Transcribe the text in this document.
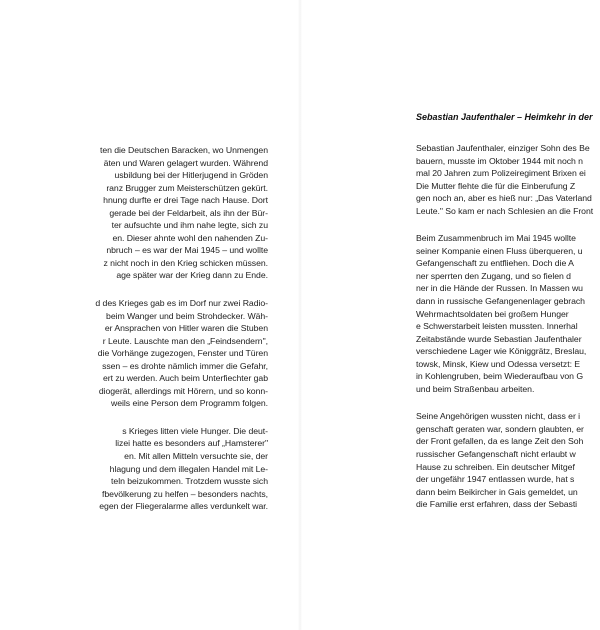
ten die Deutschen Baracken, wo Unmengen
äten und Waren gelagert wurden. Während
usbildung bei der Hitlerjugend in Gröden
ranz Brugger zum Meisterschützen gekürt.
hnung durfte er drei Tage nach Hause. Dort
gerade bei der Feldarbeit, als ihn der Bür-
ter aufsuchte und ihm nahe legte, sich zu
en. Dieser ahnte wohl den nahenden Zu-
nbruch – es war der Mai 1945 – und wollte
z nicht noch in den Krieg schicken müssen.
age später war der Krieg dann zu Ende.
d des Krieges gab es im Dorf nur zwei Radio-
beim Wanger und beim Strohdecker. Wäh-
er Ansprachen von Hitler waren die Stuben
r Leute. Lauschte man den „Feindsendern",
die Vorhänge zugezogen, Fenster und Türen
ssen – es drohte nämlich immer die Gefahr,
ert zu werden. Auch beim Unterfiechter gab
diogerät, allerdings mit Hörern, und so konn-
weils eine Person dem Programm folgen.
s Krieges litten viele Hunger. Die deut-
lizei hatte es besonders auf „Hamsterer"
en. Mit allen Mitteln versuchte sie, der
hlagung und dem illegalen Handel mit Le-
teln beizukommen. Trotzdem wusste sich
fbevölkerung zu helfen – besonders nachts,
egen der Fliegeralarme alles verdunkelt war.
Sebastian Jaufenthaler, einziger Sohn des Be
bauern, musste im Oktober 1944 mit noch n
mal 20 Jahren zum Polizeiregiment Brixen ei
Die Mutter flehte die für die Einberufung Z
gen noch an, aber es hieß nur: „Das Vaterland
Leute." So kam er nach Schlesien an die Front
Beim Zusammenbruch im Mai 1945 wollte
seiner Kompanie einen Fluss überqueren, u
Gefangenschaft zu entfliehen. Doch die A
ner sperrten den Zugang, und so fielen d
ner in die Hände der Russen. In Massen wu
dann in russische Gefangenenlager gebrach
Wehrmachtsoldaten bei großem Hunger
e Schwerstarbeit leisten mussten. Innerhal
Zeitabstände wurde Sebastian Jaufenthaler
verschiedene Lager wie Königgrätz, Breslau,
towsk, Minsk, Kiew und Odessa versetzt: E
in Kohlengruben, beim Wiederaufbau von G
und beim Straßenbau arbeiten.
Seine Angehörigen wussten nicht, dass er i
genschaft geraten war, sondern glaubten, er
der Front gefallen, da es lange Zeit den Soh
russischer Gefangenschaft nicht erlaubt w
Hause zu schreiben. Ein deutscher Mitgef
der ungefähr 1947 entlassen wurde, hat s
dann beim Beikircher in Gais gemeldet, un
die Familie erst erfahren, dass der Sebasti
Sebastian Jaufenthaler – Heimkehr in der
